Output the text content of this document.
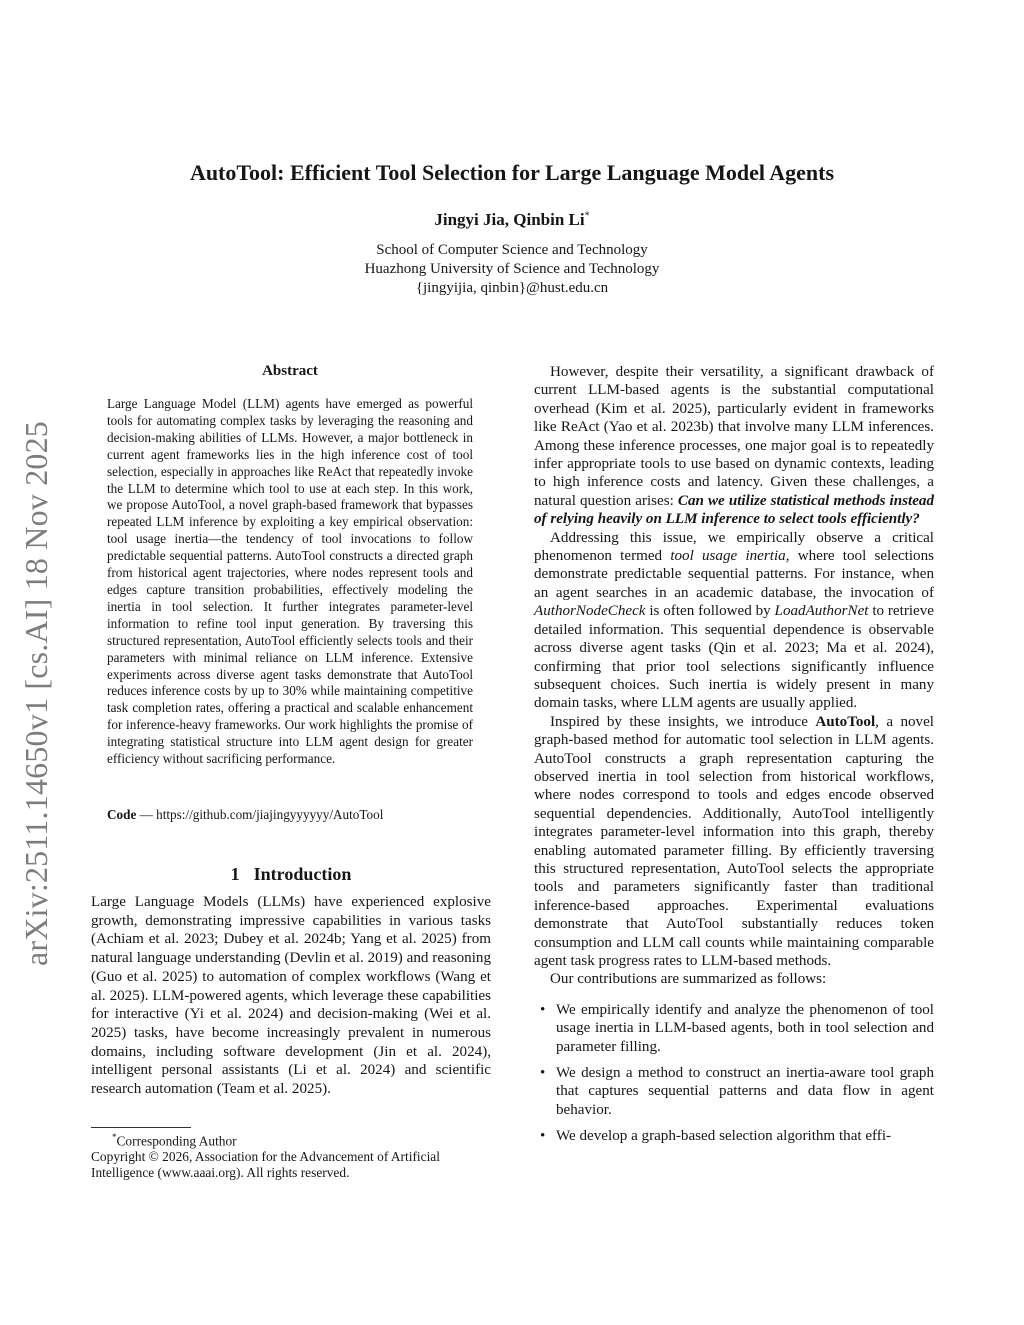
arXiv:2511.14650v1 [cs.AI] 18 Nov 2025
AutoTool: Efficient Tool Selection for Large Language Model Agents
Jingyi Jia, Qinbin Li*
School of Computer Science and Technology
Huazhong University of Science and Technology
{jingyijia, qinbin}@hust.edu.cn
Abstract
Large Language Model (LLM) agents have emerged as powerful tools for automating complex tasks by leveraging the reasoning and decision-making abilities of LLMs. However, a major bottleneck in current agent frameworks lies in the high inference cost of tool selection, especially in approaches like ReAct that repeatedly invoke the LLM to determine which tool to use at each step. In this work, we propose AutoTool, a novel graph-based framework that bypasses repeated LLM inference by exploiting a key empirical observation: tool usage inertia—the tendency of tool invocations to follow predictable sequential patterns. AutoTool constructs a directed graph from historical agent trajectories, where nodes represent tools and edges capture transition probabilities, effectively modeling the inertia in tool selection. It further integrates parameter-level information to refine tool input generation. By traversing this structured representation, AutoTool efficiently selects tools and their parameters with minimal reliance on LLM inference. Extensive experiments across diverse agent tasks demonstrate that AutoTool reduces inference costs by up to 30% while maintaining competitive task completion rates, offering a practical and scalable enhancement for inference-heavy frameworks. Our work highlights the promise of integrating statistical structure into LLM agent design for greater efficiency without sacrificing performance.
Code — https://github.com/jiajingyyyyyy/AutoTool
1 Introduction
Large Language Models (LLMs) have experienced explosive growth, demonstrating impressive capabilities in various tasks (Achiam et al. 2023; Dubey et al. 2024b; Yang et al. 2025) from natural language understanding (Devlin et al. 2019) and reasoning (Guo et al. 2025) to automation of complex workflows (Wang et al. 2025). LLM-powered agents, which leverage these capabilities for interactive (Yi et al. 2024) and decision-making (Wei et al. 2025) tasks, have become increasingly prevalent in numerous domains, including software development (Jin et al. 2024), intelligent personal assistants (Li et al. 2024) and scientific research automation (Team et al. 2025).
*Corresponding Author
Copyright © 2026, Association for the Advancement of Artificial
Intelligence (www.aaai.org). All rights reserved.

However, despite their versatility, a significant drawback of current LLM-based agents is the substantial computational overhead (Kim et al. 2025), particularly evident in frameworks like ReAct (Yao et al. 2023b) that involve many LLM inferences. Among these inference processes, one major goal is to repeatedly infer appropriate tools to use based on dynamic contexts, leading to high inference costs and latency. Given these challenges, a natural question arises: Can we utilize statistical methods instead of relying heavily on LLM inference to select tools efficiently?

Addressing this issue, we empirically observe a critical phenomenon termed tool usage inertia, where tool selections demonstrate predictable sequential patterns. For instance, when an agent searches in an academic database, the invocation of AuthorNodeCheck is often followed by LoadAuthorNet to retrieve detailed information. This sequential dependence is observable across diverse agent tasks (Qin et al. 2023; Ma et al. 2024), confirming that prior tool selections significantly influence subsequent choices. Such inertia is widely present in many domain tasks, where LLM agents are usually applied.

Inspired by these insights, we introduce AutoTool, a novel graph-based method for automatic tool selection in LLM agents. AutoTool constructs a graph representation capturing the observed inertia in tool selection from historical workflows, where nodes correspond to tools and edges encode observed sequential dependencies. Additionally, AutoTool intelligently integrates parameter-level information into this graph, thereby enabling automated parameter filling. By efficiently traversing this structured representation, AutoTool selects the appropriate tools and parameters significantly faster than traditional inference-based approaches. Experimental evaluations demonstrate that AutoTool substantially reduces token consumption and LLM call counts while maintaining comparable agent task progress rates to LLM-based methods.

Our contributions are summarized as follows:

• We empirically identify and analyze the phenomenon of tool usage inertia in LLM-based agents, both in tool selection and parameter filling.
• We design a method to construct an inertia-aware tool graph that captures sequential patterns and data flow in agent behavior.
• We develop a graph-based selection algorithm that effi-
